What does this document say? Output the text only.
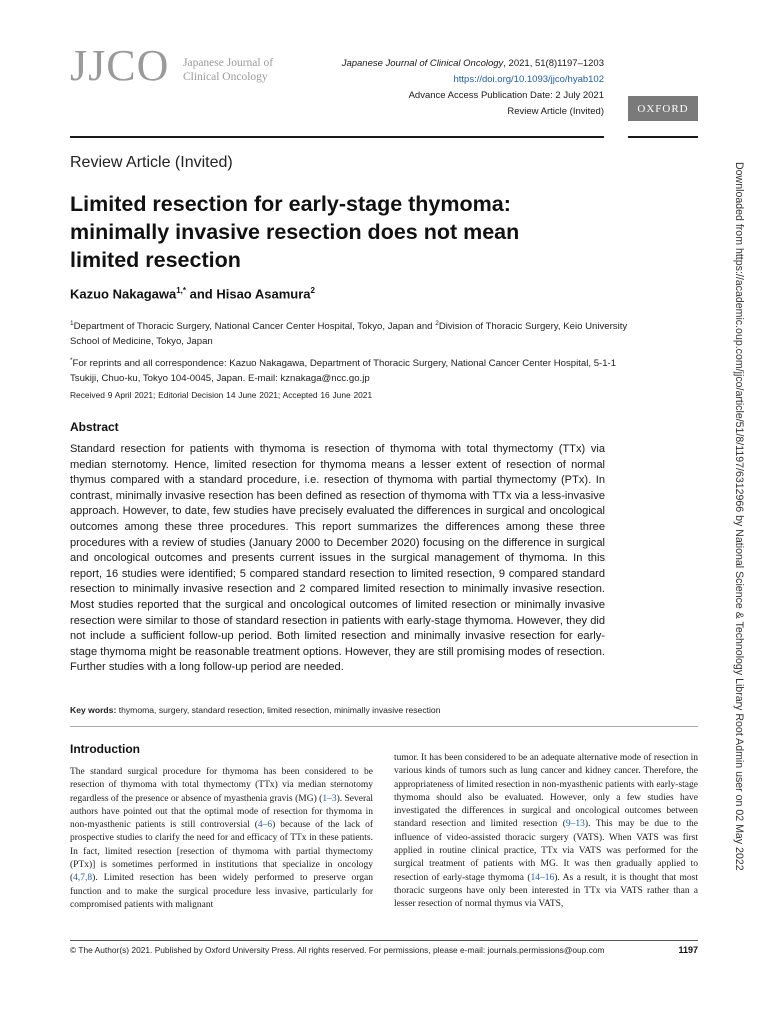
JJCO Japanese Journal of
Clinical Oncology
Japanese Journal of Clinical Oncology, 2021, 51(8)1197–1203
https://doi.org/10.1093/jjco/hyab102
Advance Access Publication Date: 2 July 2021
Review Article (Invited)	OXFORD
Downloaded from https://academic.oup.com/jjco/article/51/8/1197/6312966 by National Science & Technology Library Root Admin user on 02 May 2022
Review Article (Invited)
Limited resection for early-stage thymoma: minimally invasive resection does not mean limited resection
Kazuo Nakagawa$^{1,*}$ and Hisao Asamura$^2$
$^1$Department of Thoracic Surgery, National Cancer Center Hospital, Tokyo, Japan and $^2$Division of Thoracic Surgery, Keio University School of Medicine, Tokyo, Japan
*For reprints and all correspondence: Kazuo Nakagawa, Department of Thoracic Surgery, National Cancer Center Hospital, 5-1-1 Tsukiji, Chuo-ku, Tokyo 104-0045, Japan. E-mail: kznakaga@ncc.go.jp
Received 9 April 2021; Editorial Decision 14 June 2021; Accepted 16 June 2021
Abstract
Standard resection for patients with thymoma is resection of thymoma with total thymectomy (TTx) via median sternotomy. Hence, limited resection for thymoma means a lesser extent of resection of normal thymus compared with a standard procedure, i.e. resection of thymoma with partial thymectomy (PTx). In contrast, minimally invasive resection has been defined as resection of thymoma with TTx via a less-invasive approach. However, to date, few studies have precisely evaluated the differences in surgical and oncological outcomes among these three procedures. This report summarizes the differences among these three procedures with a review of studies (January 2000 to December 2020) focusing on the difference in surgical and oncological outcomes and presents current issues in the surgical management of thymoma. In this report, 16 studies were identified; 5 compared standard resection to limited resection, 9 compared standard resection to minimally invasive resection and 2 compared limited resection to minimally invasive resection. Most studies reported that the surgical and oncological outcomes of limited resection or minimally invasive resection were similar to those of standard resection in patients with early-stage thymoma. However, they did not include a sufficient follow-up period. Both limited resection and minimally invasive resection for early-stage thymoma might be reasonable treatment options. However, they are still promising modes of resection. Further studies with a long follow-up period are needed.
Key words: thymoma, surgery, standard resection, limited resection, minimally invasive resection
Introduction
The standard surgical procedure for thymoma has been considered to be resection of thymoma with total thymectomy (TTx) via median sternotomy regardless of the presence or absence of myasthenia gravis (MG) (1–3). Several authors have pointed out that the optimal mode of resection for thymoma in non-myasthenic patients is still controversial (4–6) because of the lack of prospective studies to clarify the need for and efficacy of TTx in these patients. In fact, limited resection [resection of thymoma with partial thymectomy (PTx)] is sometimes performed in institutions that specialize in oncology (4,7,8). Limited resection has been widely performed to preserve organ function and to make the surgical procedure less invasive, particularly for compromised patients with malignant
tumor. It has been considered to be an adequate alternative mode of resection in various kinds of tumors such as lung cancer and kidney cancer. Therefore, the appropriateness of limited resection in non-myasthenic patients with early-stage thymoma should also be evaluated. However, only a few studies have investigated the differences in surgical and oncological outcomes between standard resection and limited resection (9–13). This may be due to the influence of video-assisted thoracic surgery (VATS). When VATS was first applied in routine clinical practice, TTx via VATS was performed for the surgical treatment of patients with MG. It was then gradually applied to resection of early-stage thymoma (14–16). As a result, it is thought that most thoracic surgeons have only been interested in TTx via VATS rather than a lesser resection of normal thymus via VATS,
© The Author(s) 2021. Published by Oxford University Press. All rights reserved. For permissions, please e-mail: journals.permissions@oup.com	1197
